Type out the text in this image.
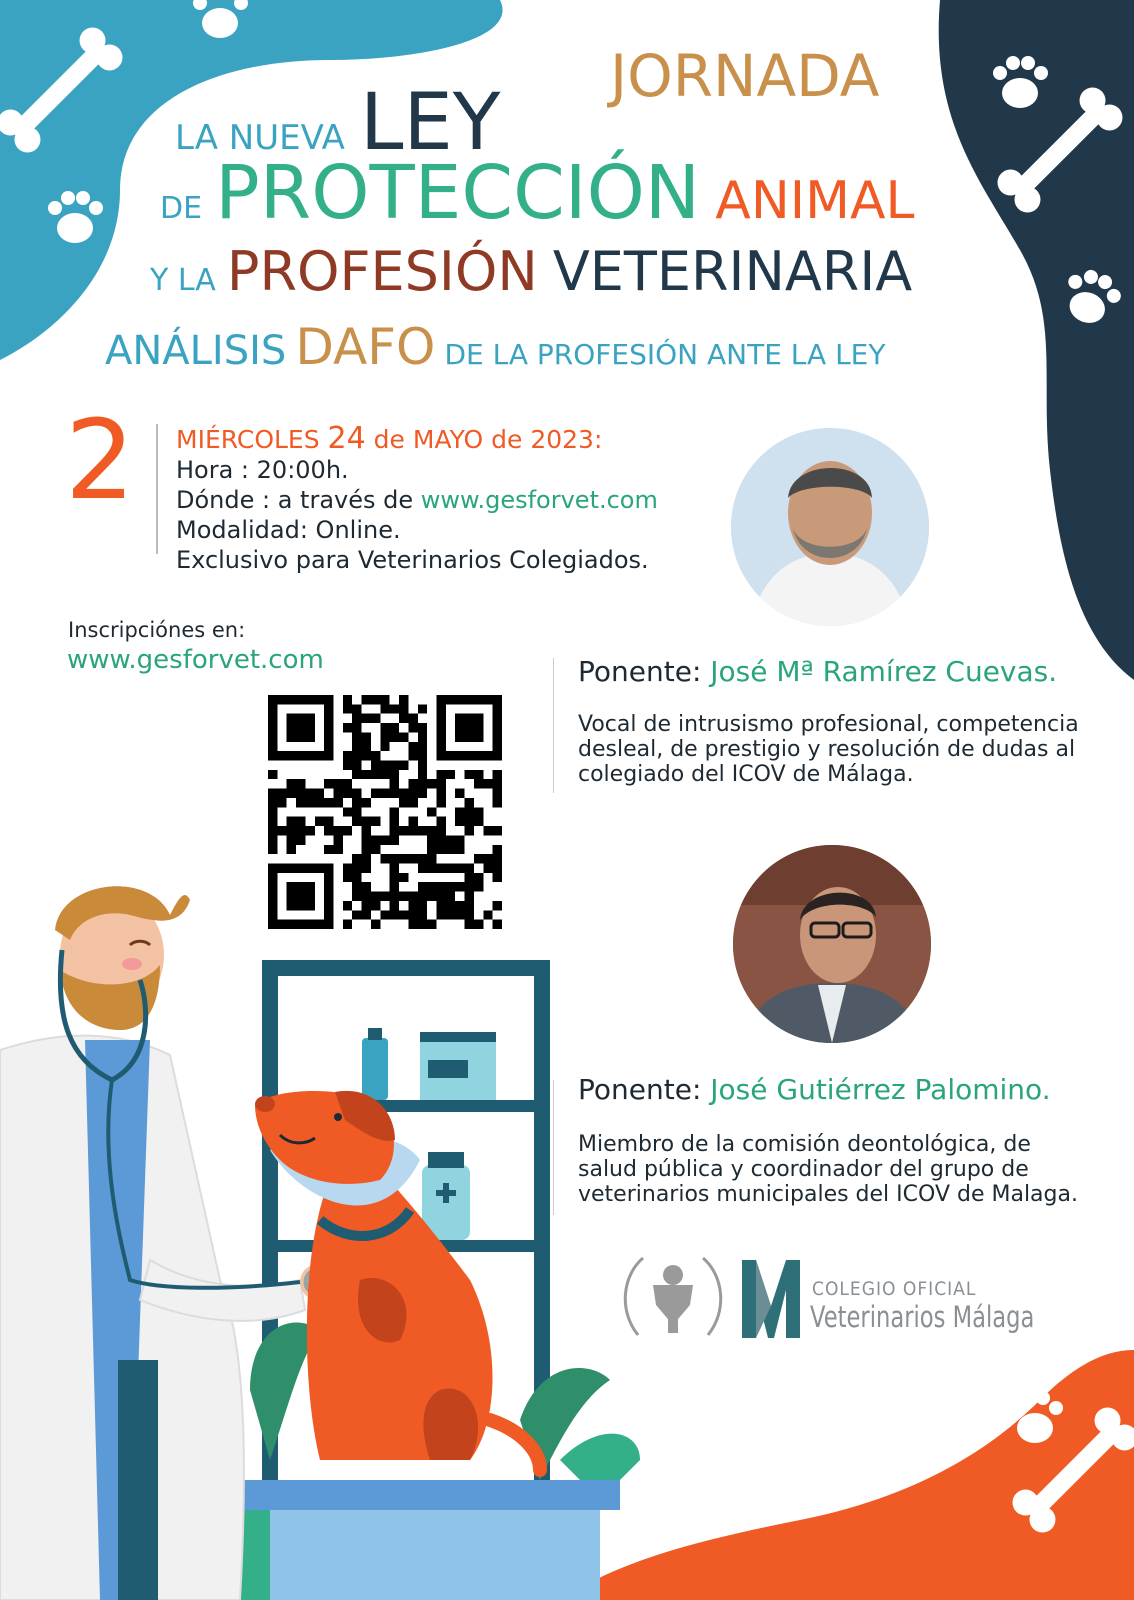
JORNADA
LA NUEVA LEY
DE PROTECCIÓN ANIMAL
Y LA PROFESIÓN VETERINARIA
ANÁLISIS DAFO DE LA PROFESIÓN ANTE LA LEY
2 MIÉRCOLES 24 de MAYO de 2023:

Hora : 20:00h.

Dónde : a través de www.gesforvet.com

Modalidad: Online.

Exclusivo para Veterinarios Colegiados.

Inscripciónes en:
www.gesforvet.com	Ponente: José Mª Ramírez Cuevas.
Vocal de intrusismo profesional, competencia
desleal, de prestigio y resolución de dudas al
colegiado del ICOV de Málaga.
Ponente: José Gutiérrez Palomino.
Miembro de la comisión deontológica, de
salud pública y coordinador del grupo de
veterinarios municipales del ICOV de Malaga.
COLEGIO OFICIAL
Veterinarios Málaga
